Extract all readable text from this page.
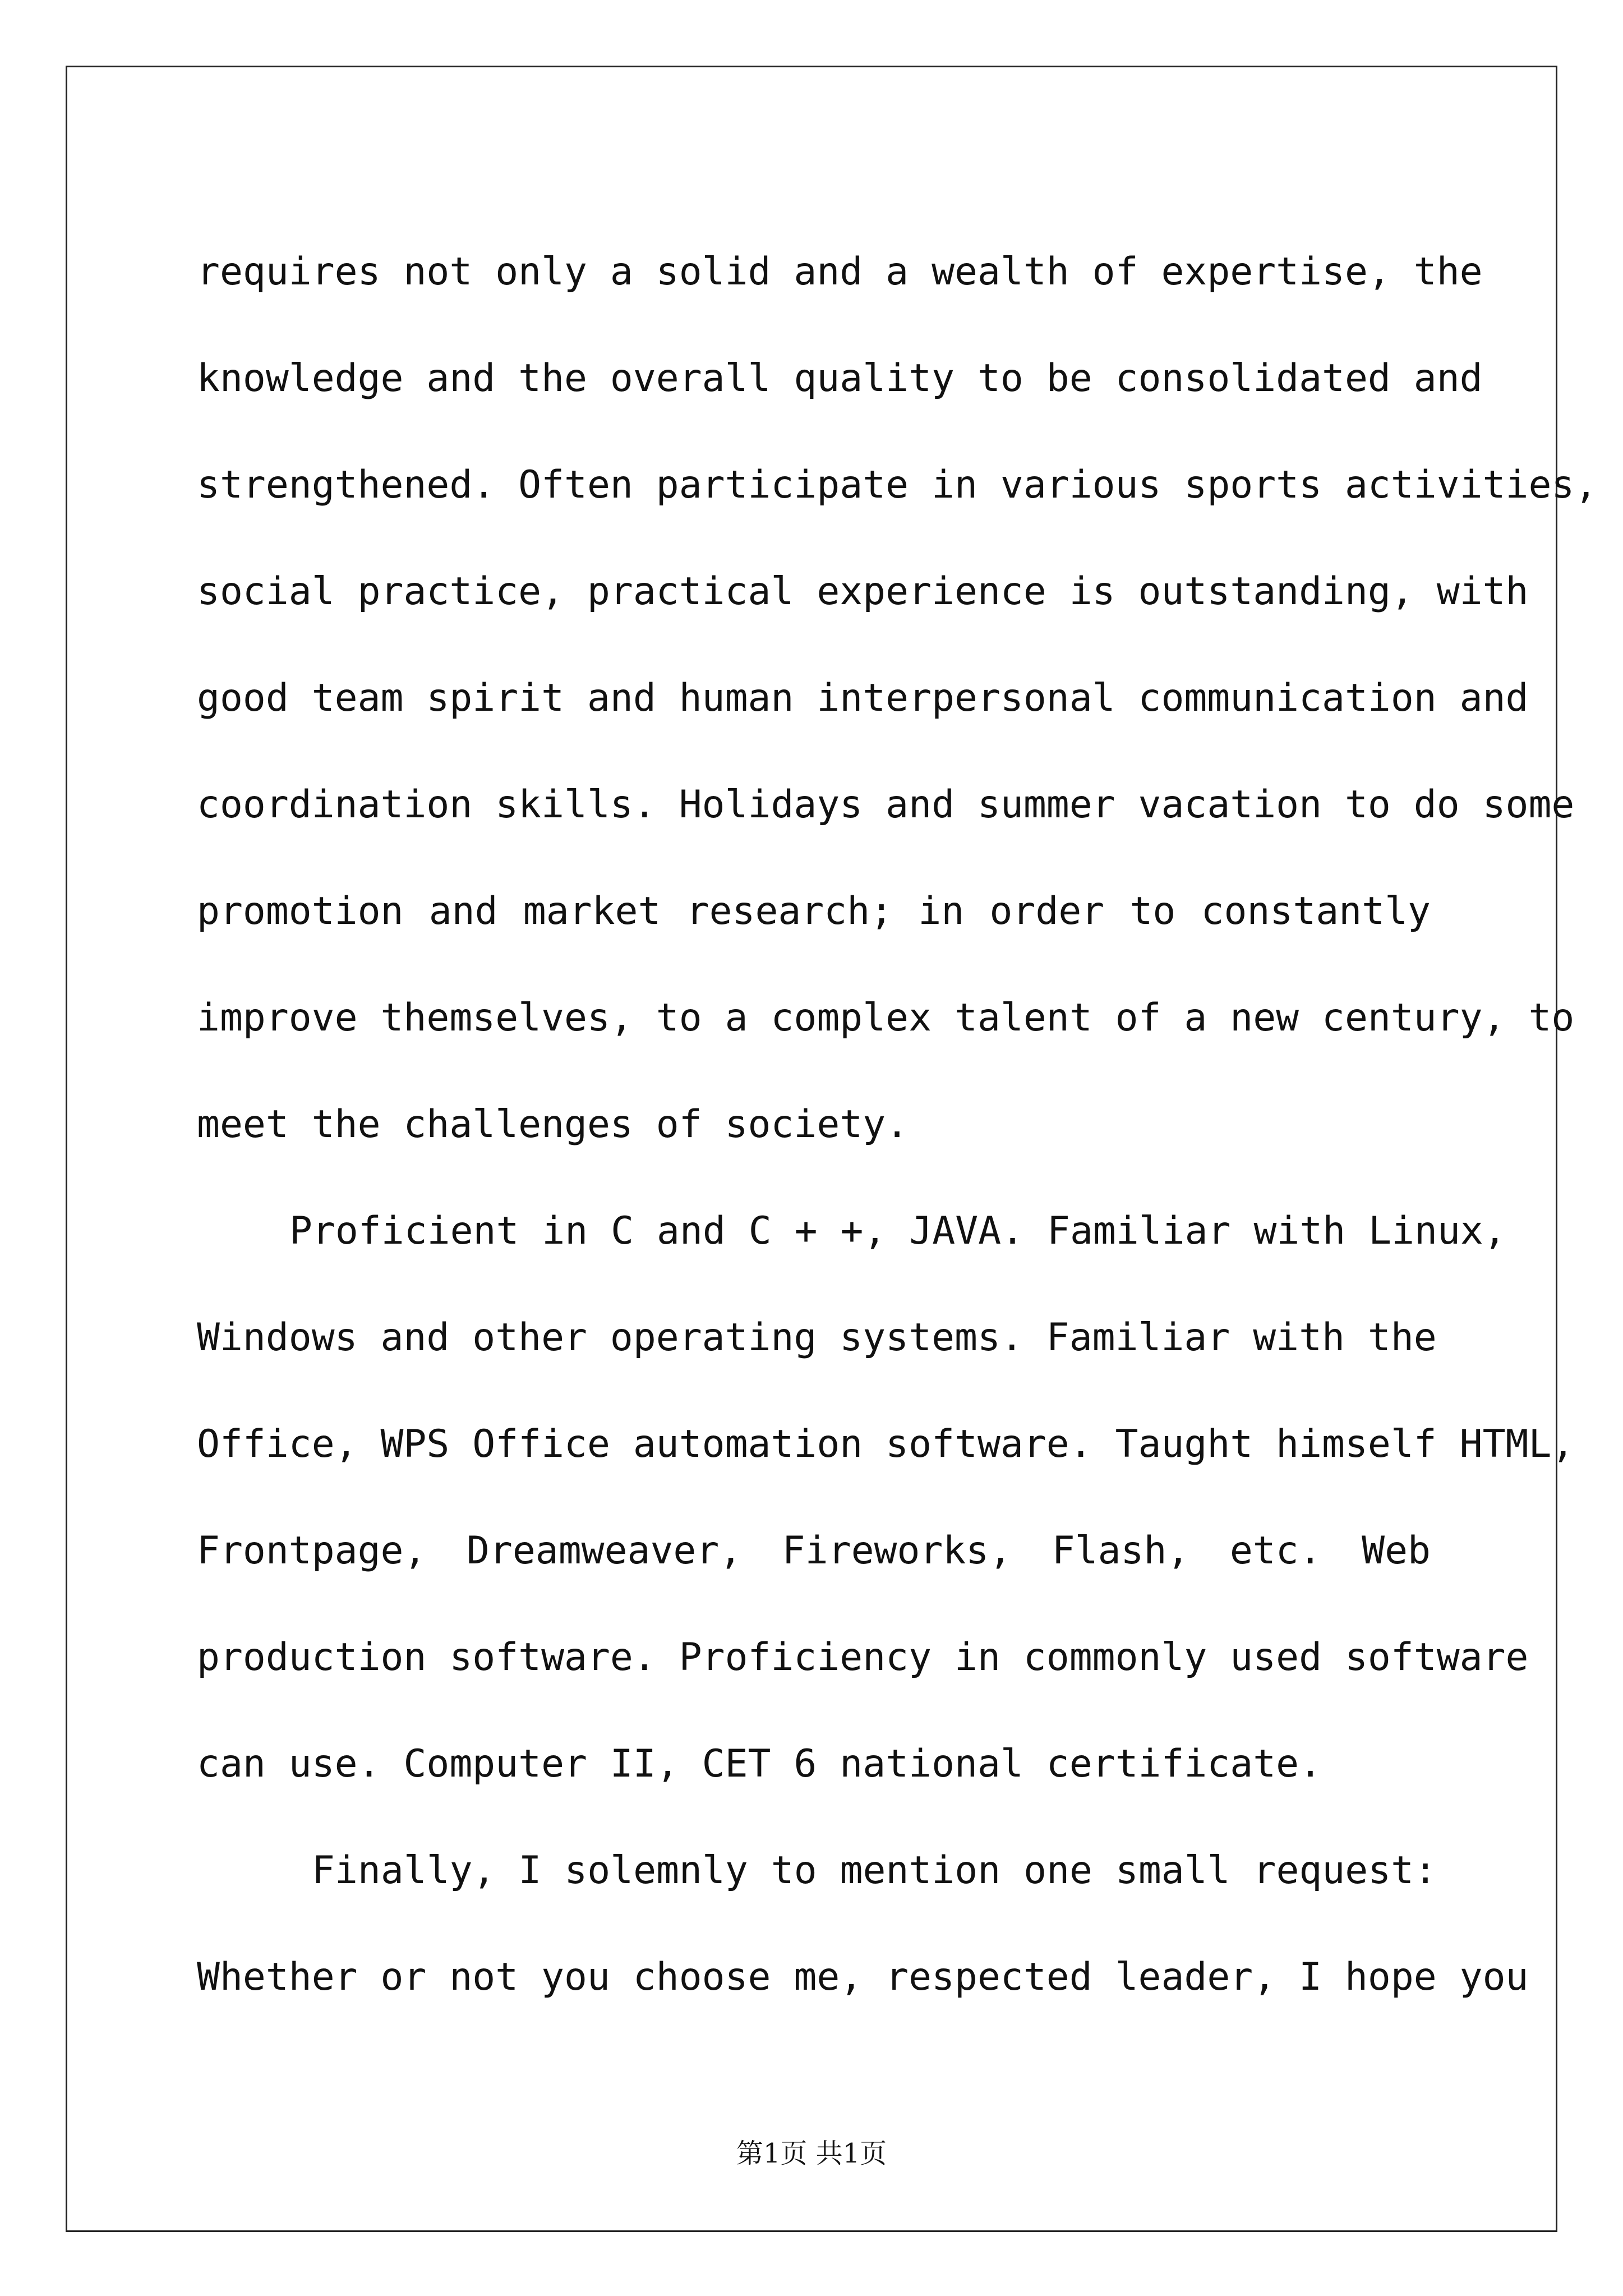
requires not only a solid and a wealth of expertise, the
knowledge and the overall quality to be consolidated and
strengthened. Often participate in various sports activities,
social practice, practical experience is outstanding, with
good team spirit and human interpersonal communication and
coordination skills. Holidays and summer vacation to do some
promotion and market research; in order to constantly
improve themselves, to a complex talent of a new century, to
meet the challenges of society.
Proficient in C and C + +, JAVA. Familiar with Linux,
Windows and other operating systems. Familiar with the
Office, WPS Office automation software. Taught himself HTML,
Frontpage, Dreamweaver, Fireworks, Flash, etc. Web
production software. Proficiency in commonly used software
can use. Computer II, CET 6 national certificate.
Finally, I solemnly to mention one small request:
Whether or not you choose me, respected leader, I hope you
第1页 共1页
